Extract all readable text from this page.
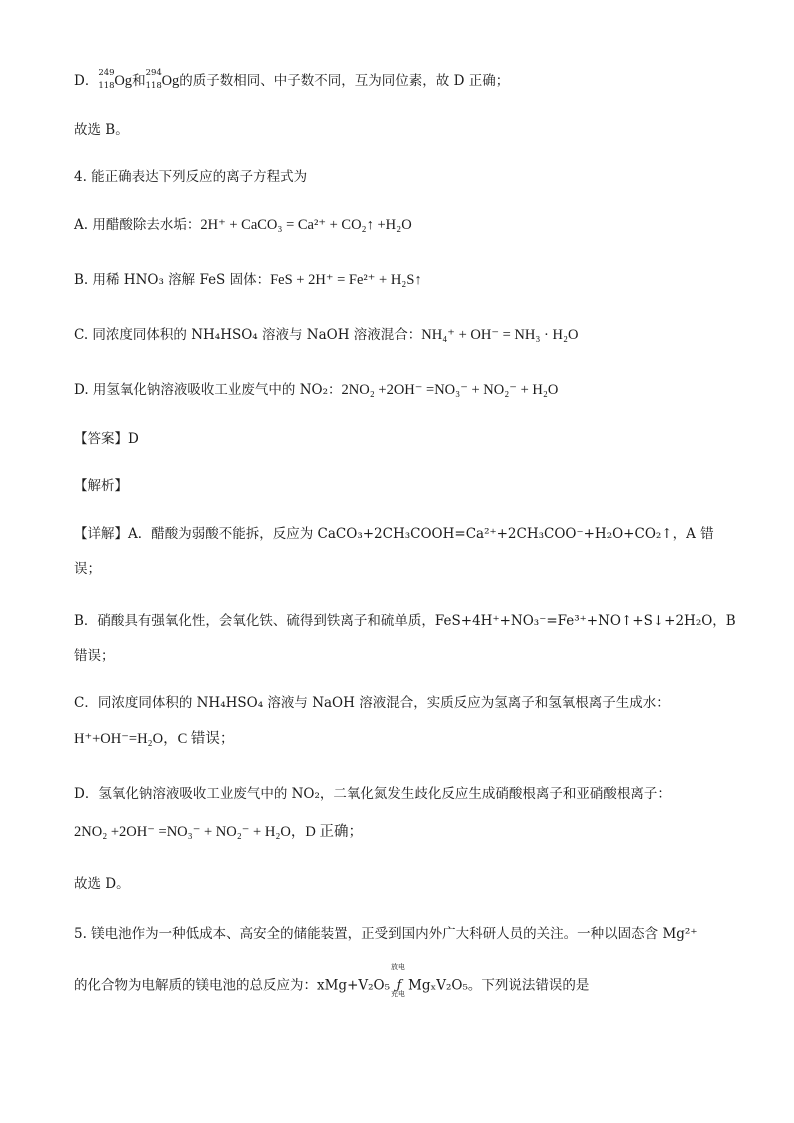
D．
249
118 Og和
294
118 Og的质子数相同、中子数不同，互为同位素，故 D 正确；
故选 B。
4. 能正确表达下列反应的离子方程式为
A. 用醋酸除去水垢：2H⁺ + CaCO₃ = Ca²⁺ + CO₂↑ +H₂O
B. 用稀 HNO₃ 溶解 FeS 固体：FeS + 2H⁺ = Fe²⁺ + H₂S↑
C. 同浓度同体积的 NH₄HSO₄ 溶液与 NaOH 溶液混合：NH₄⁺ + OH⁻ = NH₃ · H₂O
D. 用氢氧化钠溶液吸收工业废气中的 NO₂：2NO₂ +2OH⁻ =NO₃⁻ + NO₂⁻ + H₂O
【答案】D
【解析】
【详解】A．醋酸为弱酸不能拆，反应为 CaCO₃+2CH₃COOH=Ca²⁺+2CH₃COO⁻+H₂O+CO₂↑，A 错
误；
B．硝酸具有强氧化性，会氧化铁、硫得到铁离子和硫单质，FeS+4H⁺+NO₃⁻=Fe³⁺+NO↑+S↓+2H₂O，B
错误；
C．同浓度同体积的 NH₄HSO₄ 溶液与 NaOH 溶液混合，实质反应为氢离子和氢氧根离子生成水：
H⁺+OH⁻=H₂O，C 错误；
D．氢氧化钠溶液吸收工业废气中的 NO₂，二氧化氮发生歧化反应生成硝酸根离子和亚硝酸根离子：
2NO₂ +2OH⁻ =NO₃⁻ + NO₂⁻ + H₂O，D 正确；
故选 D。
5. 镁电池作为一种低成本、高安全的储能装置，正受到国内外广大科研人员的关注。一种以固态含 Mg²⁺
的化合物为电解质的镁电池的总反应为：xMg+V₂O₅
放电
ƒ
充电
MgₓV₂O₅。下列说法错误的是
